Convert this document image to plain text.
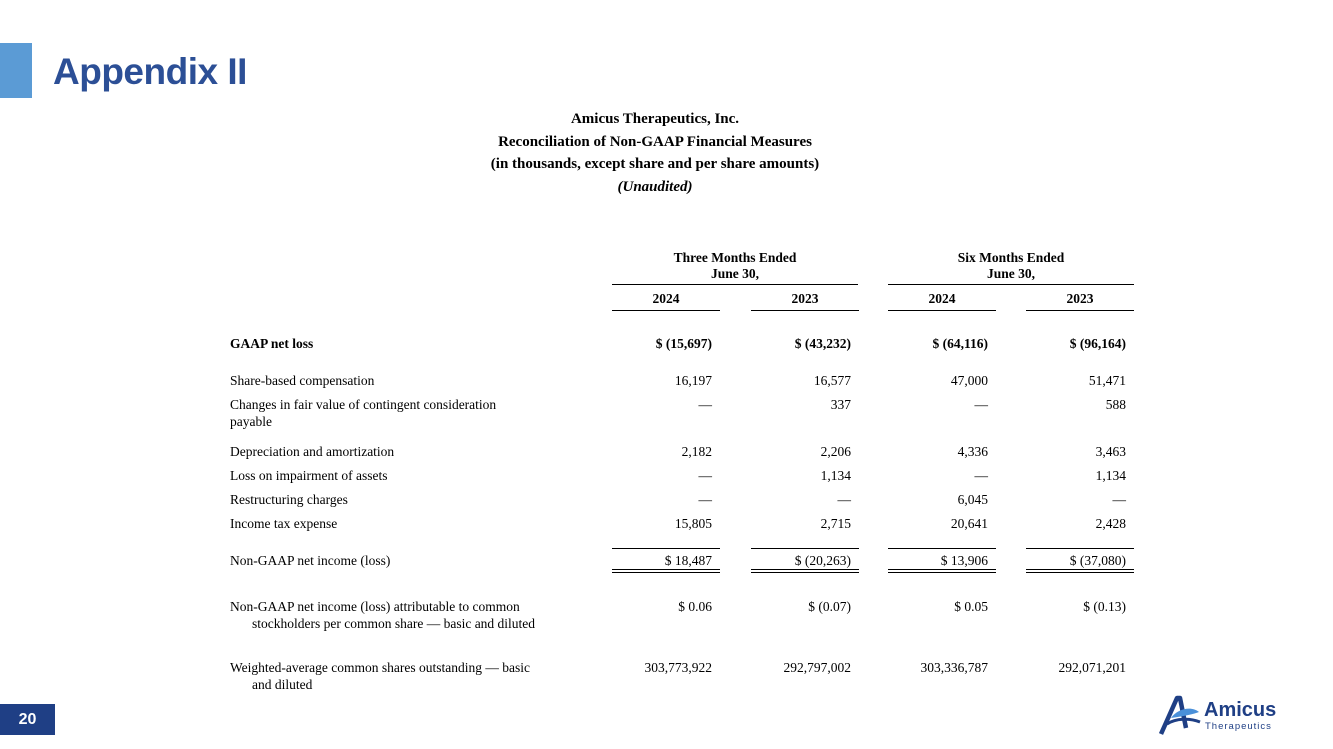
Appendix II
Amicus Therapeutics, Inc.
Reconciliation of Non-GAAP Financial Measures
(in thousands, except share and per share amounts)
(Unaudited)
Three Months Ended
June 30,
Six Months Ended
June 30,
2024	2023	2024	2023
GAAP net loss	$ (15,697)	$ (43,232)	$ (64,116)	$ (96,164)
Share-based compensation	16,197	16,577	47,000	51,471
Changes in fair value of contingent consideration
payable
—	337	—	588
Depreciation and amortization	2,182	2,206	4,336	3,463
Loss on impairment of assets	—	1,134	—	1,134
Restructuring charges	—	—	6,045	—
Income tax expense	15,805	2,715	20,641	2,428
Non-GAAP net income (loss)	$ 18,487	$ (20,263)	$ 13,906	$ (37,080)
Non-GAAP net income (loss) attributable to common
stockholders per common share — basic and diluted
$ 0.06	$ (0.07)	$ 0.05	$ (0.13)
Weighted-average common shares outstanding — basic
and diluted
303,773,922	292,797,002	303,336,787	292,071,201
20	Amicus
Therapeutics
